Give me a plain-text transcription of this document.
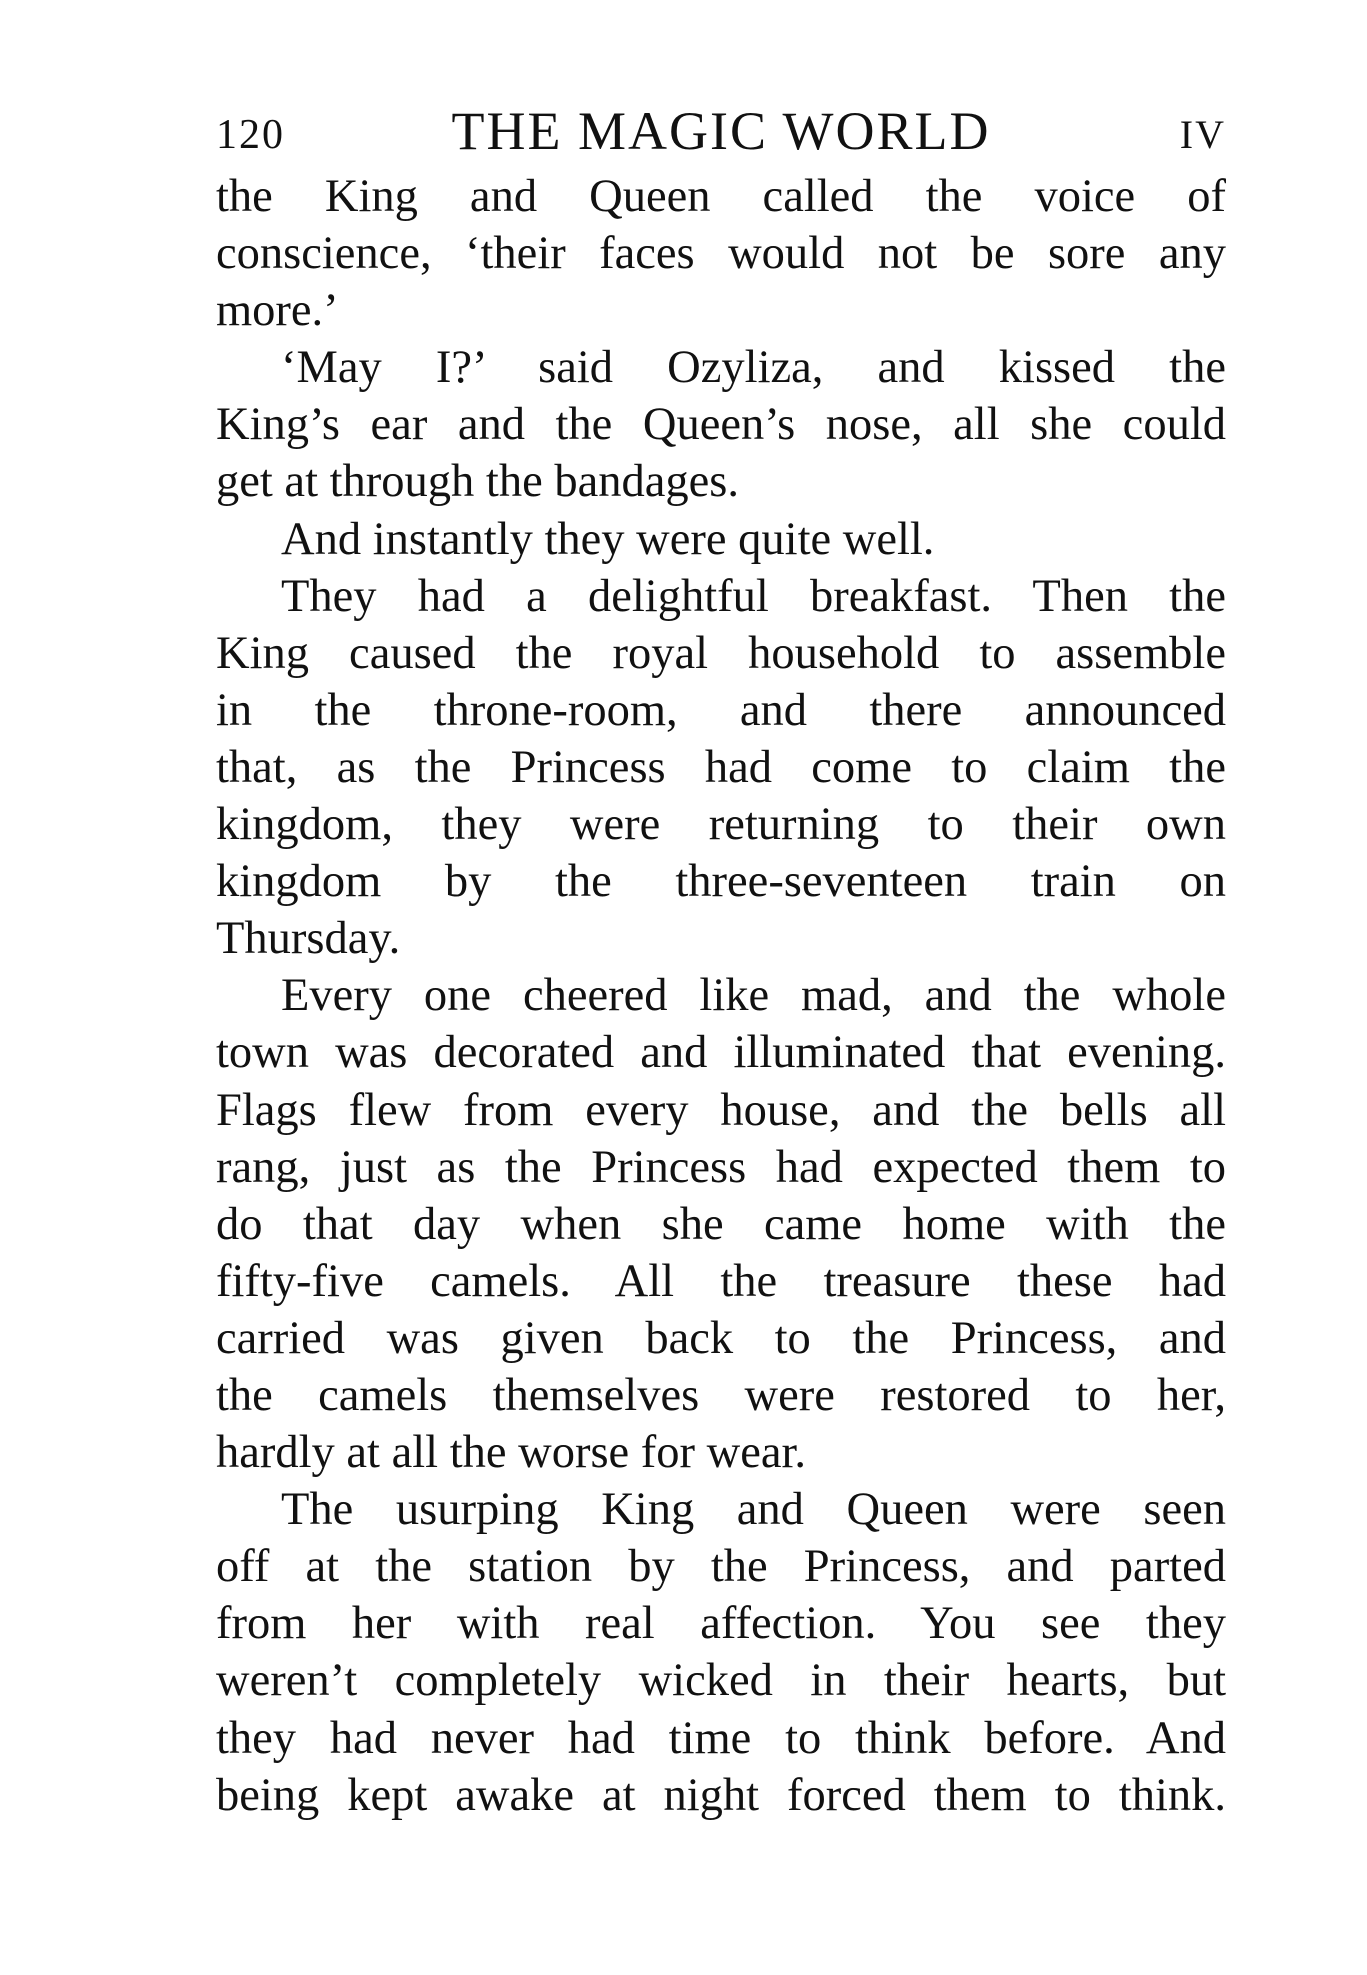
120	THE MAGIC WORLD	IV
the King and Queen called the voice of
conscience, ‘their faces would not be sore any
more.’
‘May I?’ said Ozyliza, and kissed the
King’s ear and the Queen’s nose, all she could
get at through the bandages.
And instantly they were quite well.
They had a delightful breakfast. Then the
King caused the royal household to assemble
in the throne-room, and there announced
that, as the Princess had come to claim the
kingdom, they were returning to their own
kingdom by the three-seventeen train on
Thursday.
Every one cheered like mad, and the whole
town was decorated and illuminated that evening.
Flags flew from every house, and the bells all
rang, just as the Princess had expected them to
do that day when she came home with the
fifty-five camels. All the treasure these had
carried was given back to the Princess, and
the camels themselves were restored to her,
hardly at all the worse for wear.
The usurping King and Queen were seen
off at the station by the Princess, and parted
from her with real affection. You see they
weren’t completely wicked in their hearts, but
they had never had time to think before. And
being kept awake at night forced them to think.
